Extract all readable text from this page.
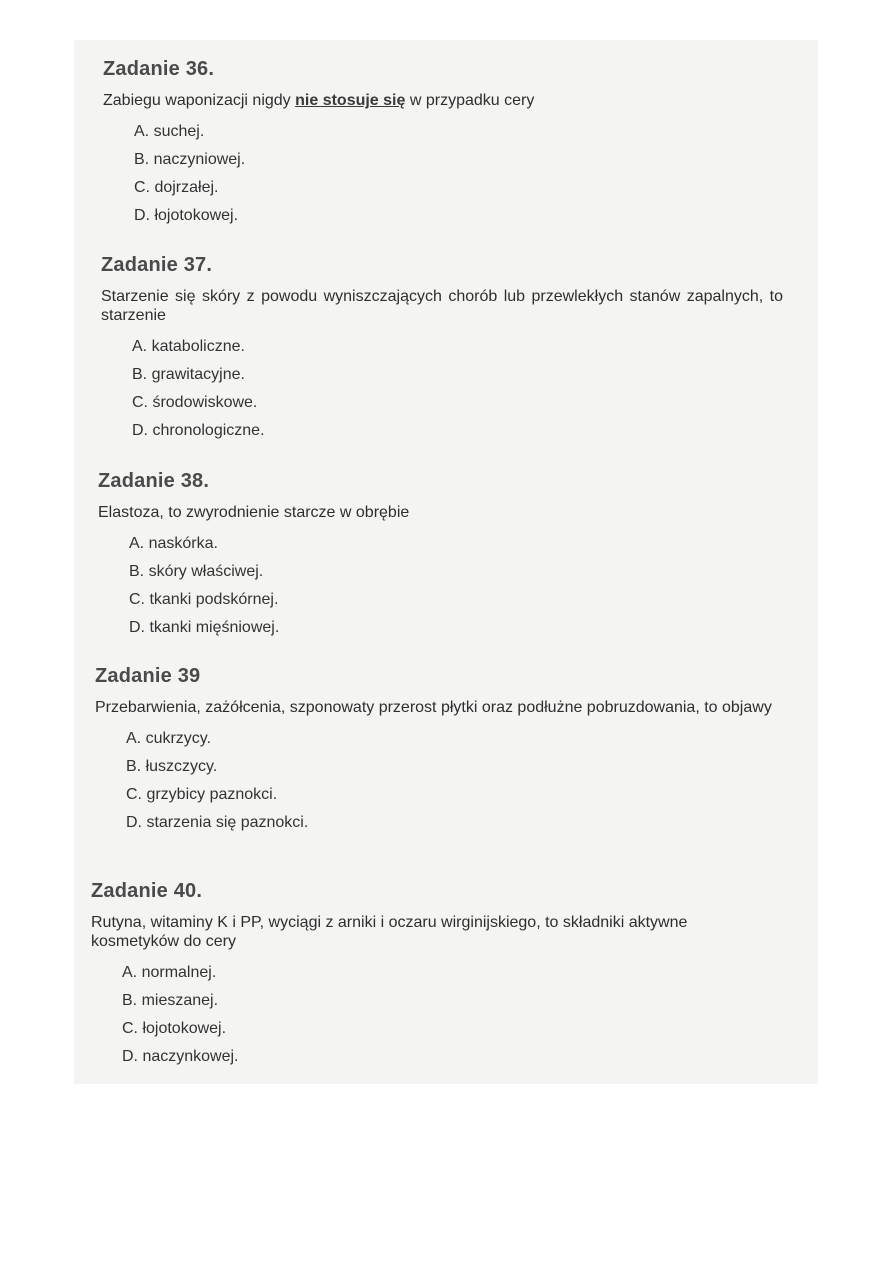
Zadanie 36.

Zabiegu waponizacji nigdy nie stosuje się w przypadku cery

A. suchej.
B. naczyniowej.
C. dojrzałej.
D. łojotokowej.
Zadanie 37.

Starzenie się skóry z powodu wyniszczających chorób lub przewlekłych stanów zapalnych, to starzenie

A. kataboliczne.
B. grawitacyjne.
C. środowiskowe.
D. chronologiczne.
Zadanie 38.

Elastoza, to zwyrodnienie starcze w obrębie

A. naskórka.
B. skóry właściwej.
C. tkanki podskórnej.
D. tkanki mięśniowej.
Zadanie 39

Przebarwienia, zażółcenia, szponowaty przerost płytki oraz podłużne pobruzdowania, to objawy

A. cukrzycy.
B. łuszczycy.
C. grzybicy paznokci.
D. starzenia się paznokci.
Zadanie 40.

Rutyna, witaminy K i PP, wyciągi z arniki i oczaru wirginijskiego, to składniki aktywne kosmetyków do cery

A. normalnej.
B. mieszanej.
C. łojotokowej.
D. naczynkowej.
